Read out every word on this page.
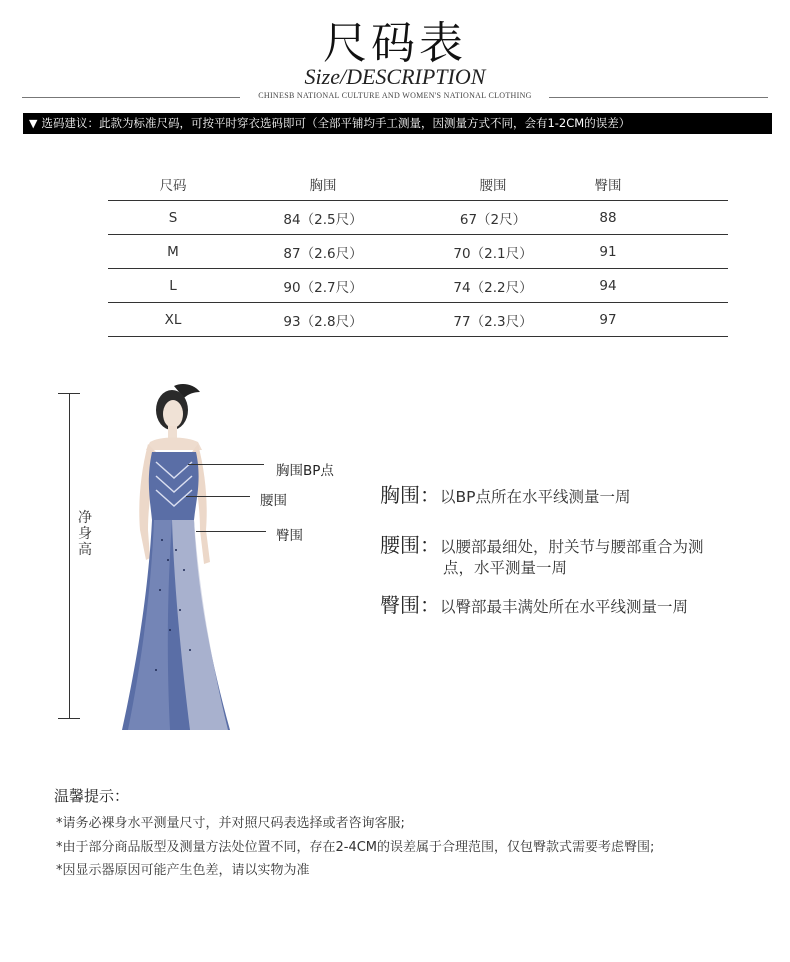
尺码表
Size/DESCRIPTION
CHINESB NATIONAL CULTURE AND WOMEN'S NATIONAL CLOTHING
▼ 选码建议：此款为标准尺码，可按平时穿衣选码即可（全部平铺均手工测量，因测量方式不同，会有1-2CM的误差）
尺码	胸围	腰围	臀围
S	84（2.5尺）	67（2尺）	88
M	87（2.6尺）	70（2.1尺）	91
L	90（2.7尺）	74（2.2尺）	94
XL	93（2.8尺）	77（2.3尺）	97
净身高
胸围BP点
腰围
臀围
胸围：以BP点所在水平线测量一周
腰围：以腰部最细处，肘关节与腰部重合为测
点，水平测量一周
臀围：以臀部最丰满处所在水平线测量一周
温馨提示：
*请务必裸身水平测量尺寸，并对照尺码表选择或者咨询客服;
*由于部分商品版型及测量方法处位置不同，存在2-4CM的误差属于合理范围，仅包臀款式需要考虑臀围;
*因显示器原因可能产生色差，请以实物为准
